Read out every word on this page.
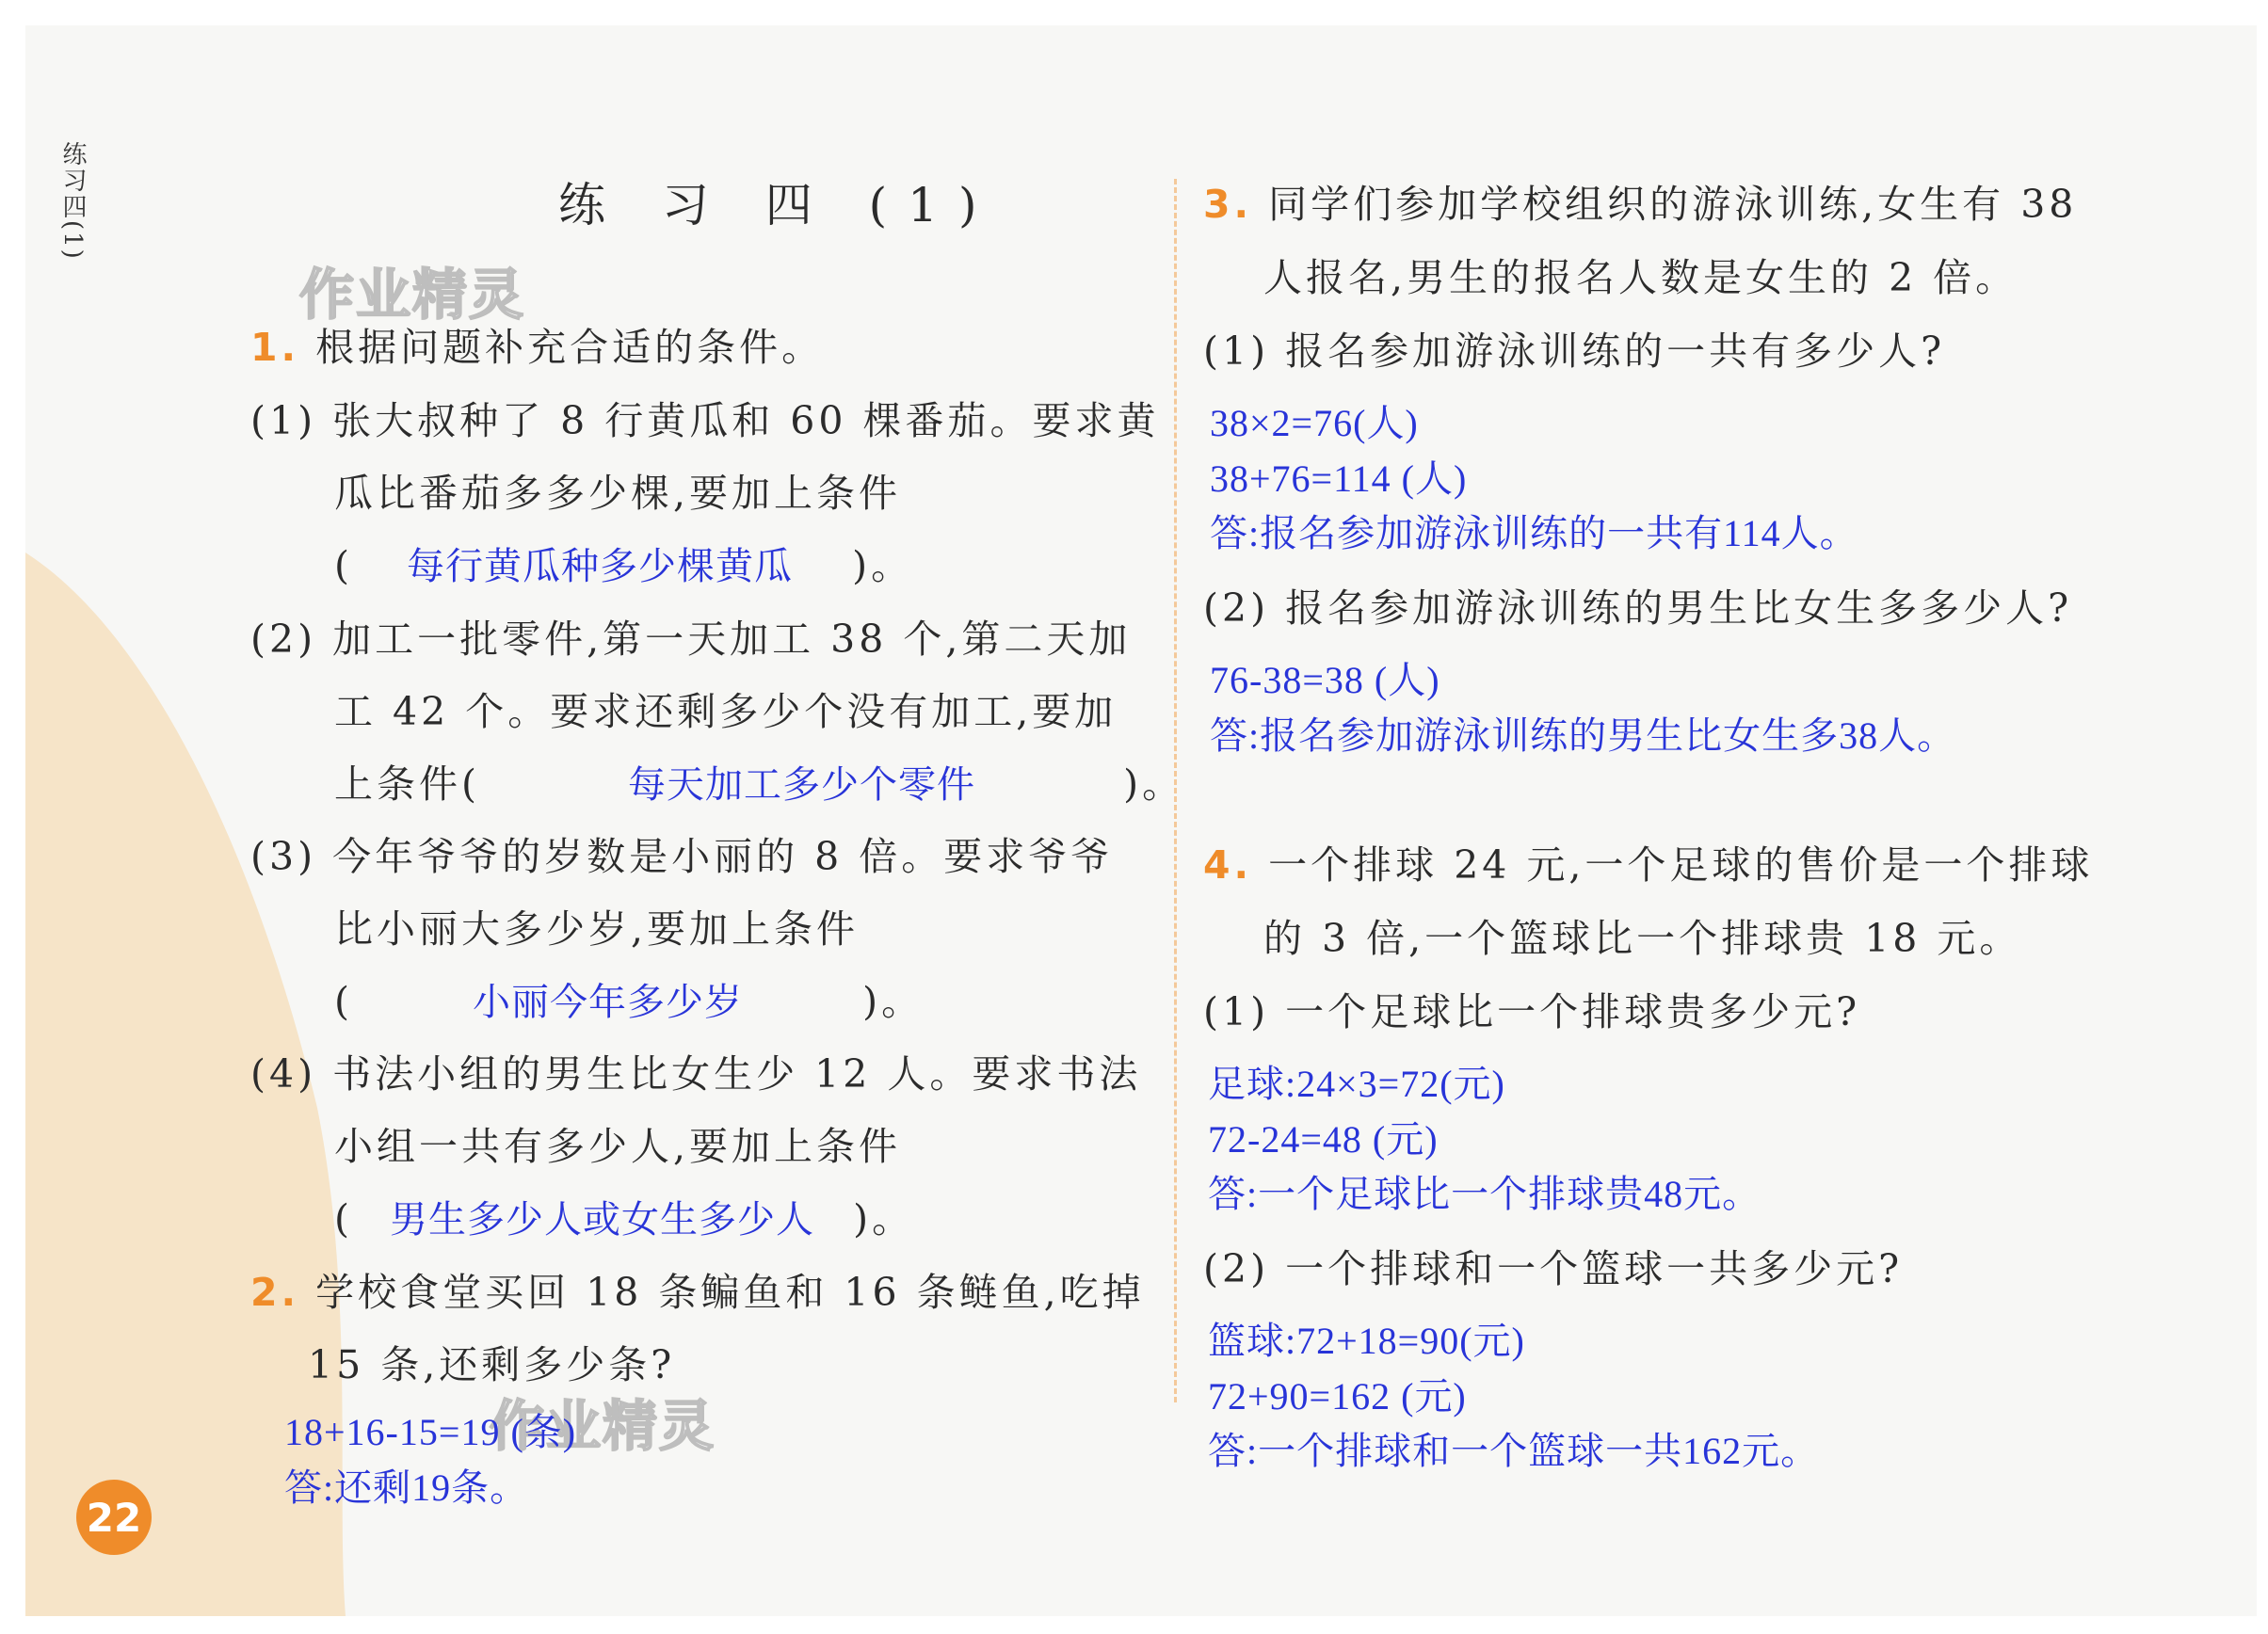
练习四(1)
作业精灵
作业精灵
练 习 四 (1)
1. 根据问题补充合适的条件。
(1) 张大叔种了 8 行黄瓜和 60 棵番茄。要求黄
瓜比番茄多多少棵,要加上条件
( 每行黄瓜种多少棵黄瓜 )。
(2) 加工一批零件,第一天加工 38 个,第二天加
工 42 个。要求还剩多少个没有加工,要加
上条件(	每天加工多少个零件	)。
(3) 今年爷爷的岁数是小丽的 8 倍。要求爷爷
比小丽大多少岁,要加上条件
(	小丽今年多少岁	)。
(4) 书法小组的男生比女生少 12 人。要求书法
小组一共有多少人,要加上条件
( 男生多少人或女生多少人 )。
2. 学校食堂买回 18 条鳊鱼和 16 条鲢鱼,吃掉
15 条,还剩多少条?
18+16-15=19 (条)
答:还剩19条。
3. 同学们参加学校组织的游泳训练,女生有 38
人报名,男生的报名人数是女生的 2 倍。
(1) 报名参加游泳训练的一共有多少人?
38×2=76(人)
38+76=114 (人)
答:报名参加游泳训练的一共有114人。
(2) 报名参加游泳训练的男生比女生多多少人?
76-38=38 (人)
答:报名参加游泳训练的男生比女生多38人。
4. 一个排球 24 元,一个足球的售价是一个排球
的 3 倍,一个篮球比一个排球贵 18 元。
(1) 一个足球比一个排球贵多少元?
足球:24×3=72(元)
72-24=48 (元)
答:一个足球比一个排球贵48元。
(2) 一个排球和一个篮球一共多少元?
篮球:72+18=90(元)
72+90=162 (元)
答:一个排球和一个篮球一共162元。
22
